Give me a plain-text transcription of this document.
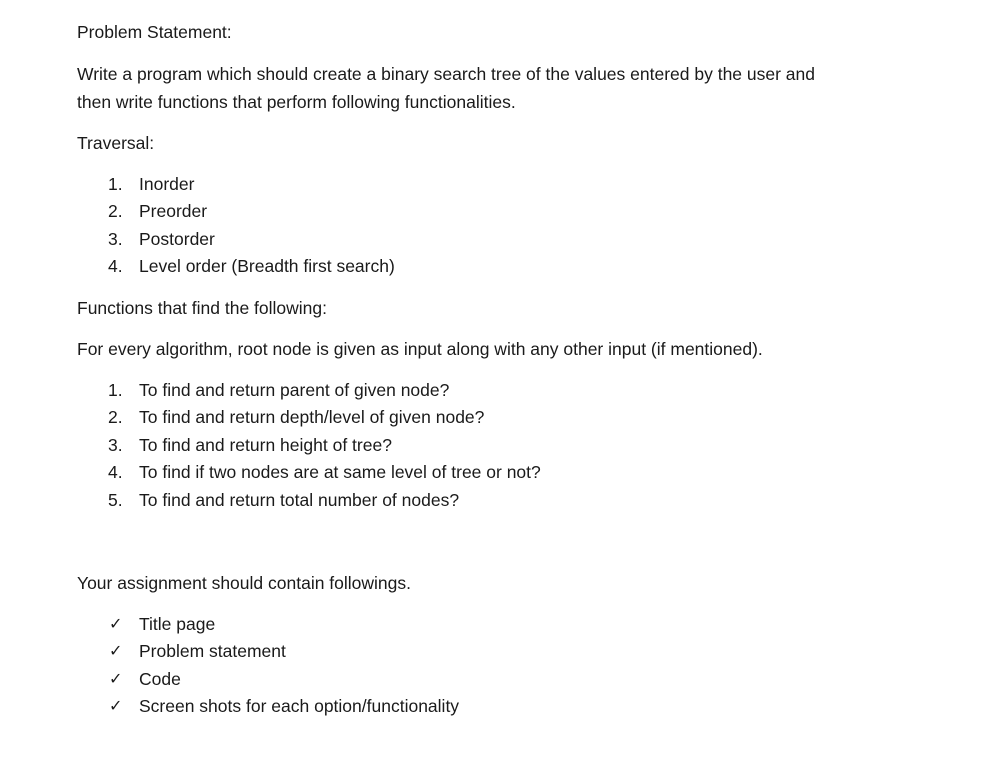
Problem Statement:
Write a program which should create a binary search tree of the values entered by the user and
then write functions that perform following functionalities.
Traversal:
1. Inorder
2. Preorder
3. Postorder
4. Level order (Breadth first search)
Functions that find the following:
For every algorithm, root node is given as input along with any other input (if mentioned).
1. To find and return parent of given node?
2. To find and return depth/level of given node?
3. To find and return height of tree?
4. To find if two nodes are at same level of tree or not?
5. To find and return total number of nodes?
Your assignment should contain followings.
✓ Title page
✓ Problem statement
✓ Code
✓ Screen shots for each option/functionality
